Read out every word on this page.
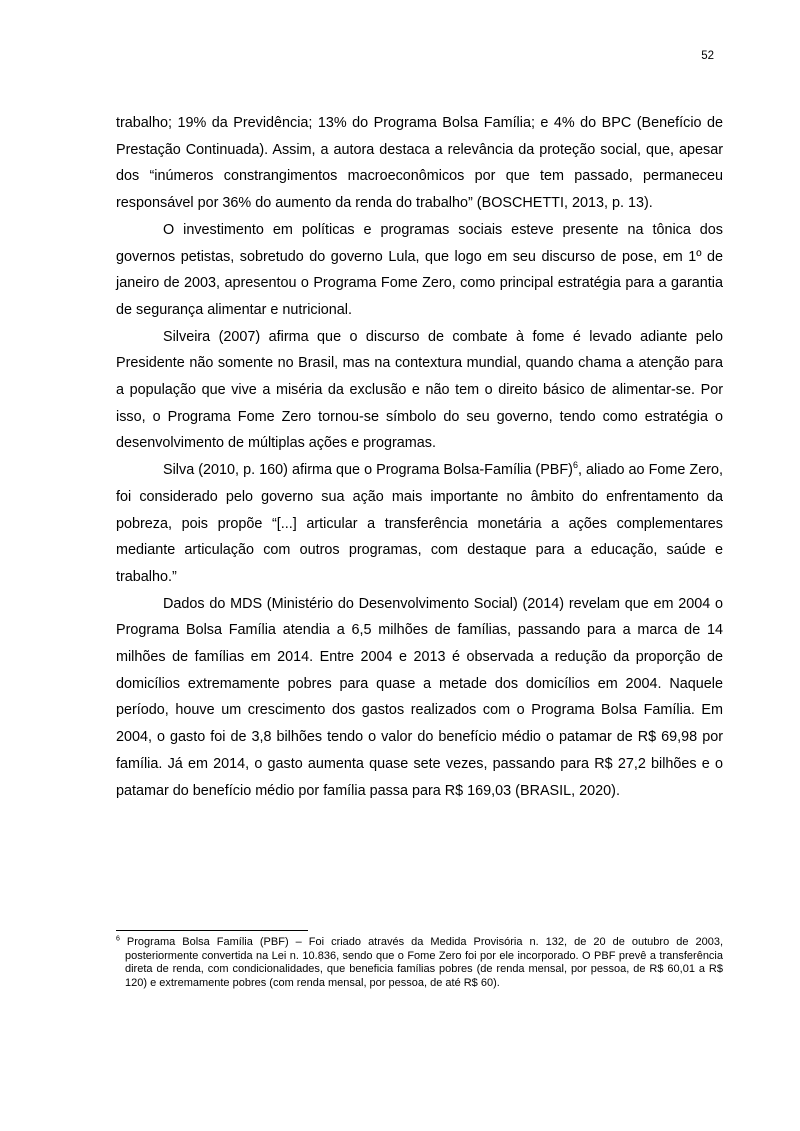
52

trabalho; 19% da Previdência; 13% do Programa Bolsa Família; e 4% do BPC (Benefício de Prestação Continuada). Assim, a autora destaca a relevância da proteção social, que, apesar dos “inúmeros constrangimentos macroeconômicos por que tem passado, permaneceu responsável por 36% do aumento da renda do trabalho” (BOSCHETTI, 2013, p. 13).

O investimento em políticas e programas sociais esteve presente na tônica dos governos petistas, sobretudo do governo Lula, que logo em seu discurso de pose, em 1º de janeiro de 2003, apresentou o Programa Fome Zero, como principal estratégia para a garantia de segurança alimentar e nutricional.

Silveira (2007) afirma que o discurso de combate à fome é levado adiante pelo Presidente não somente no Brasil, mas na contextura mundial, quando chama a atenção para a população que vive a miséria da exclusão e não tem o direito básico de alimentar-se. Por isso, o Programa Fome Zero tornou-se símbolo do seu governo, tendo como estratégia o desenvolvimento de múltiplas ações e programas.

Silva (2010, p. 160) afirma que o Programa Bolsa-Família (PBF)$^6$, aliado ao Fome Zero, foi considerado pelo governo sua ação mais importante no âmbito do enfrentamento da pobreza, pois propõe “[...] articular a transferência monetária a ações complementares mediante articulação com outros programas, com destaque para a educação, saúde e trabalho.”

Dados do MDS (Ministério do Desenvolvimento Social) (2014) revelam que em 2004 o Programa Bolsa Família atendia a 6,5 milhões de famílias, passando para a marca de 14 milhões de famílias em 2014. Entre 2004 e 2013 é observada a redução da proporção de domicílios extremamente pobres para quase a metade dos domicílios em 2004. Naquele período, houve um crescimento dos gastos realizados com o Programa Bolsa Família. Em 2004, o gasto foi de 3,8 bilhões tendo o valor do benefício médio o patamar de R$ 69,98 por família. Já em 2014, o gasto aumenta quase sete vezes, passando para R$ 27,2 bilhões e o patamar do benefício médio por família passa para R$ 169,03 (BRASIL, 2020).

$^6$ Programa Bolsa Família (PBF) – Foi criado através da Medida Provisória n. 132, de 20 de outubro de 2003, posteriormente convertida na Lei n. 10.836, sendo que o Fome Zero foi por ele incorporado. O PBF prevê a transferência direta de renda, com condicionalidades, que beneficia famílias pobres (de renda mensal, por pessoa, de R$ 60,01 a R$ 120) e extremamente pobres (com renda mensal, por pessoa, de até R$ 60).
